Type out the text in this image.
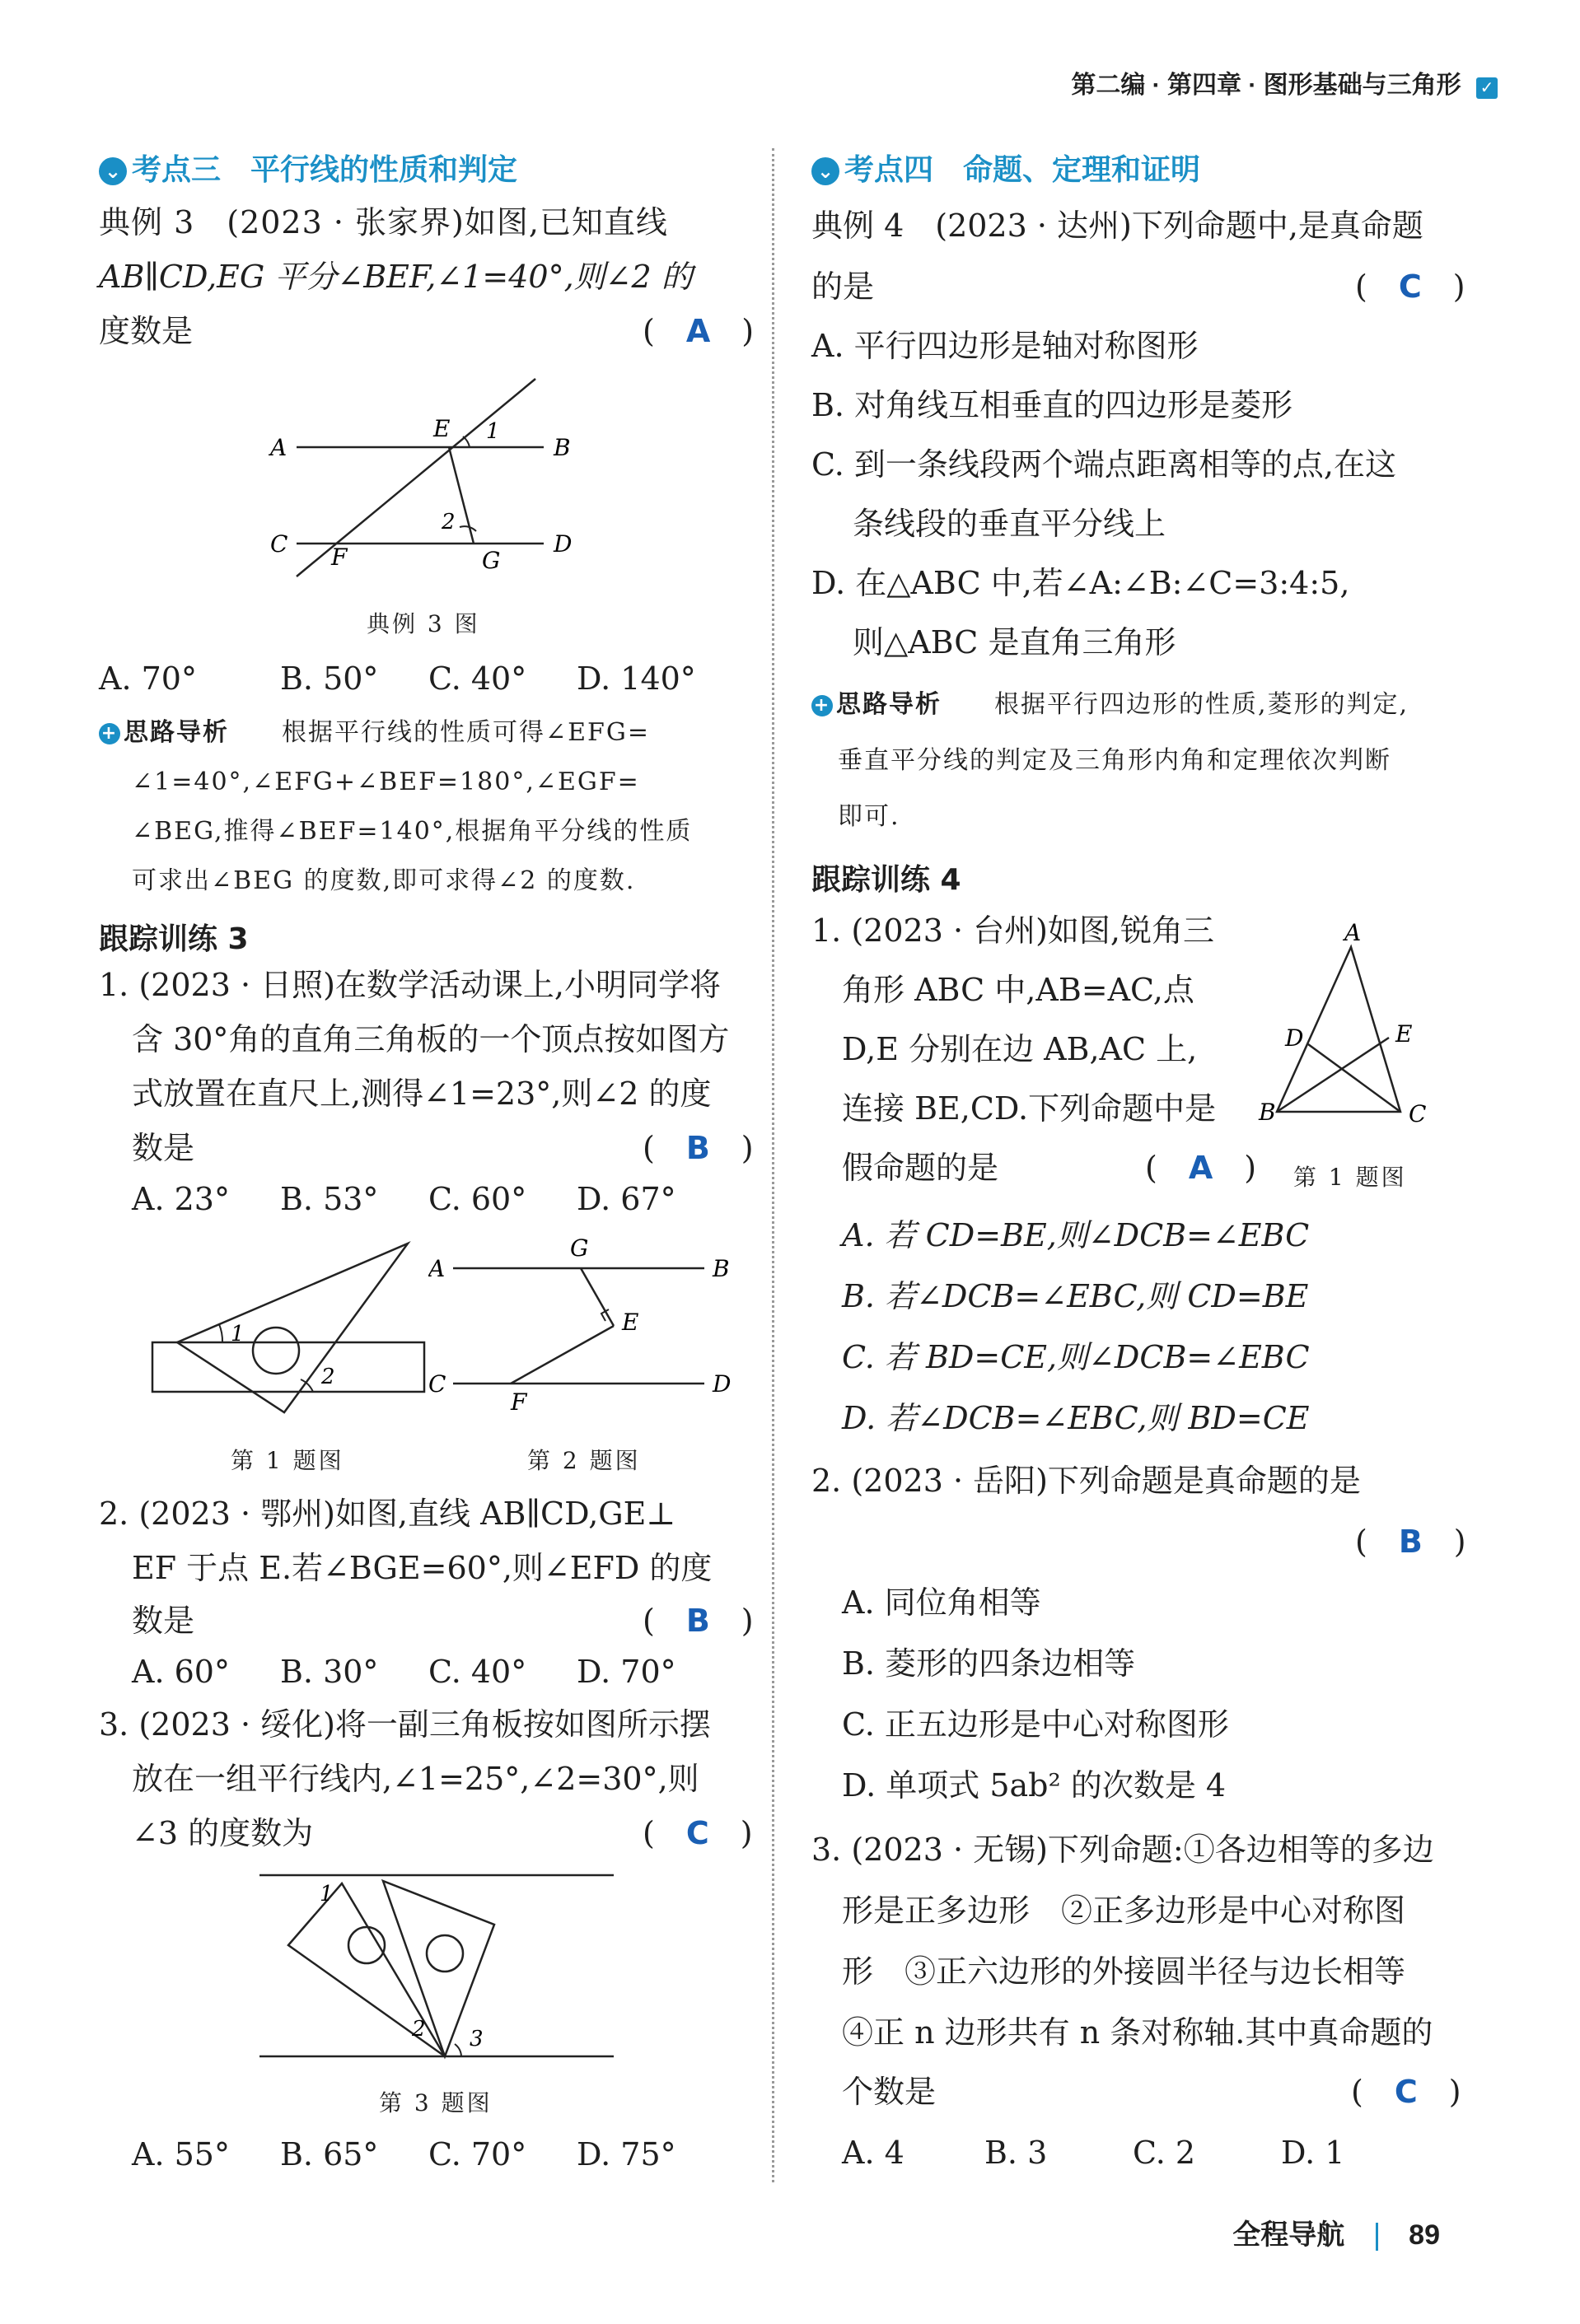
第二编 · 第四章 · 图形基础与三角形 ✓
⌄ 考点三　平行线的性质和判定
典例 3　(2023 · 张家界)如图,已知直线
AB∥CD,EG 平分∠BEF,∠1=40°,则∠2 的
度数是	(　A　)
A	B
C	D
E
F	G
1
2
典例 3 图
A. 70°	B. 50° C. 40° D. 140°
+ 思路导析　　 根据平行线的性质可得∠EFG=
∠1=40°,∠EFG+∠BEF=180°,∠EGF=
∠BEG,推得∠BEF=140°,根据角平分线的性质
可求出∠BEG 的度数,即可求得∠2 的度数.
跟踪训练 3
1. (2023 · 日照)在数学活动课上,小明同学将
含 30°角的直角三角板的一个顶点按如图方
式放置在直尺上,测得∠1=23°,则∠2 的度
数是	(　B　)
A. 23° B. 53° C. 60° D. 67°
1
2
A	B
C	D
G
E
F
第 1 题图	第 2 题图
2. (2023 · 鄂州)如图,直线 AB∥CD,GE⊥
EF 于点 E.若∠BGE=60°,则∠EFD 的度
数是	(　B　)
A. 60° B. 30° C. 40° D. 70°
3. (2023 · 绥化)将一副三角板按如图所示摆
放在一组平行线内,∠1=25°,∠2=30°,则
∠3 的度数为	(　C　)
1
2 3
第 3 题图
A. 55° B. 65° C. 70° D. 75°
⌄ 考点四　命题、定理和证明
典例 4　(2023 · 达州)下列命题中,是真命题
的是	(　C　)
A. 平行四边形是轴对称图形
B. 对角线互相垂直的四边形是菱形
C. 到一条线段两个端点距离相等的点,在这
条线段的垂直平分线上
D. 在△ABC 中,若∠A:∠B:∠C=3:4:5,
则△ABC 是直角三角形
+ 思路导析　　 根据平行四边形的性质,菱形的判定,
垂直平分线的判定及三角形内角和定理依次判断
即可.
跟踪训练 4
1. (2023 · 台州)如图,锐角三
角形 ABC 中,AB=AC,点
D,E 分别在边 AB,AC 上,
连接 BE,CD.下列命题中是
假命题的是	(　A　)
A
B	C
D	E
第 1 题图
A. 若 CD=BE,则∠DCB=∠EBC
B. 若∠DCB=∠EBC,则 CD=BE
C. 若 BD=CE,则∠DCB=∠EBC
D. 若∠DCB=∠EBC,则 BD=CE
2. (2023 · 岳阳)下列命题是真命题的是
(　B　)
A. 同位角相等
B. 菱形的四条边相等
C. 正五边形是中心对称图形
D. 单项式 5ab² 的次数是 4
3. (2023 · 无锡)下列命题:①各边相等的多边
形是正多边形　②正多边形是中心对称图
形　③正六边形的外接圆半径与边长相等
④正 n 边形共有 n 条对称轴.其中真命题的
个数是	(　C　)
A. 4	B. 3	C. 2	D. 1
全程导航 89
